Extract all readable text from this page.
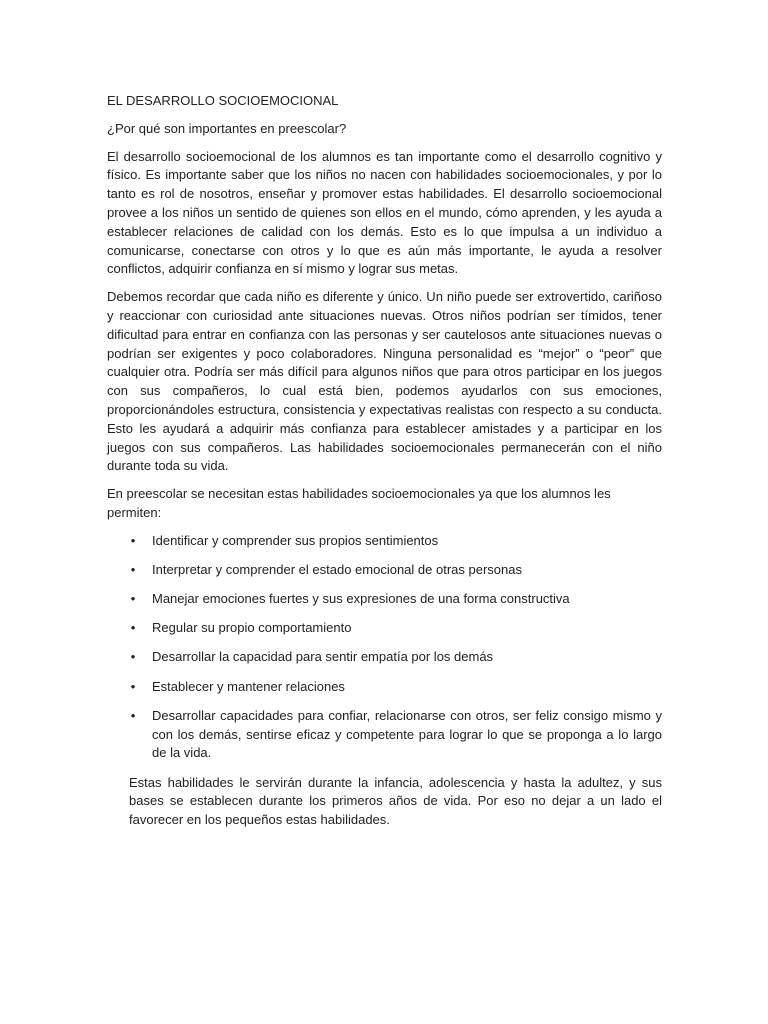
EL DESARROLLO SOCIOEMOCIONAL

¿Por qué son importantes en preescolar?

El desarrollo socioemocional de los alumnos es tan importante como el desarrollo cognitivo y físico. Es importante saber que los niños no nacen con habilidades socioemocionales, y por lo tanto es rol de nosotros, enseñar y promover estas habilidades. El desarrollo socioemocional provee a los niños un sentido de quienes son ellos en el mundo, cómo aprenden, y les ayuda a establecer relaciones de calidad con los demás. Esto es lo que impulsa a un individuo a comunicarse, conectarse con otros y lo que es aún más importante, le ayuda a resolver conflictos, adquirir confianza en sí mismo y lograr sus metas.

Debemos recordar que cada niño es diferente y único. Un niño puede ser extrovertido, cariñoso y reaccionar con curiosidad ante situaciones nuevas. Otros niños podrían ser tímidos, tener dificultad para entrar en confianza con las personas y ser cautelosos ante situaciones nuevas o podrían ser exigentes y poco colaboradores. Ninguna personalidad es “mejor” o “peor” que cualquier otra. Podría ser más difícil para algunos niños que para otros participar en los juegos con sus compañeros, lo cual está bien, podemos ayudarlos con sus emociones, proporcionándoles estructura, consistencia y expectativas realistas con respecto a su conducta. Esto les ayudará a adquirir más confianza para establecer amistades y a participar en los juegos con sus compañeros. Las habilidades socioemocionales permanecerán con el niño durante toda su vida.

En preescolar se necesitan estas habilidades socioemocionales ya que los alumnos les permiten:

• Identificar y comprender sus propios sentimientos
• Interpretar y comprender el estado emocional de otras personas
• Manejar emociones fuertes y sus expresiones de una forma constructiva
• Regular su propio comportamiento
• Desarrollar la capacidad para sentir empatía por los demás
• Establecer y mantener relaciones
• Desarrollar capacidades para confiar, relacionarse con otros, ser feliz consigo mismo y con los demás, sentirse eficaz y competente para lograr lo que se proponga a lo largo de la vida.

Estas habilidades le servirán durante la infancia, adolescencia y hasta la adultez, y sus bases se establecen durante los primeros años de vida. Por eso no dejar a un lado el favorecer en los pequeños estas habilidades.
